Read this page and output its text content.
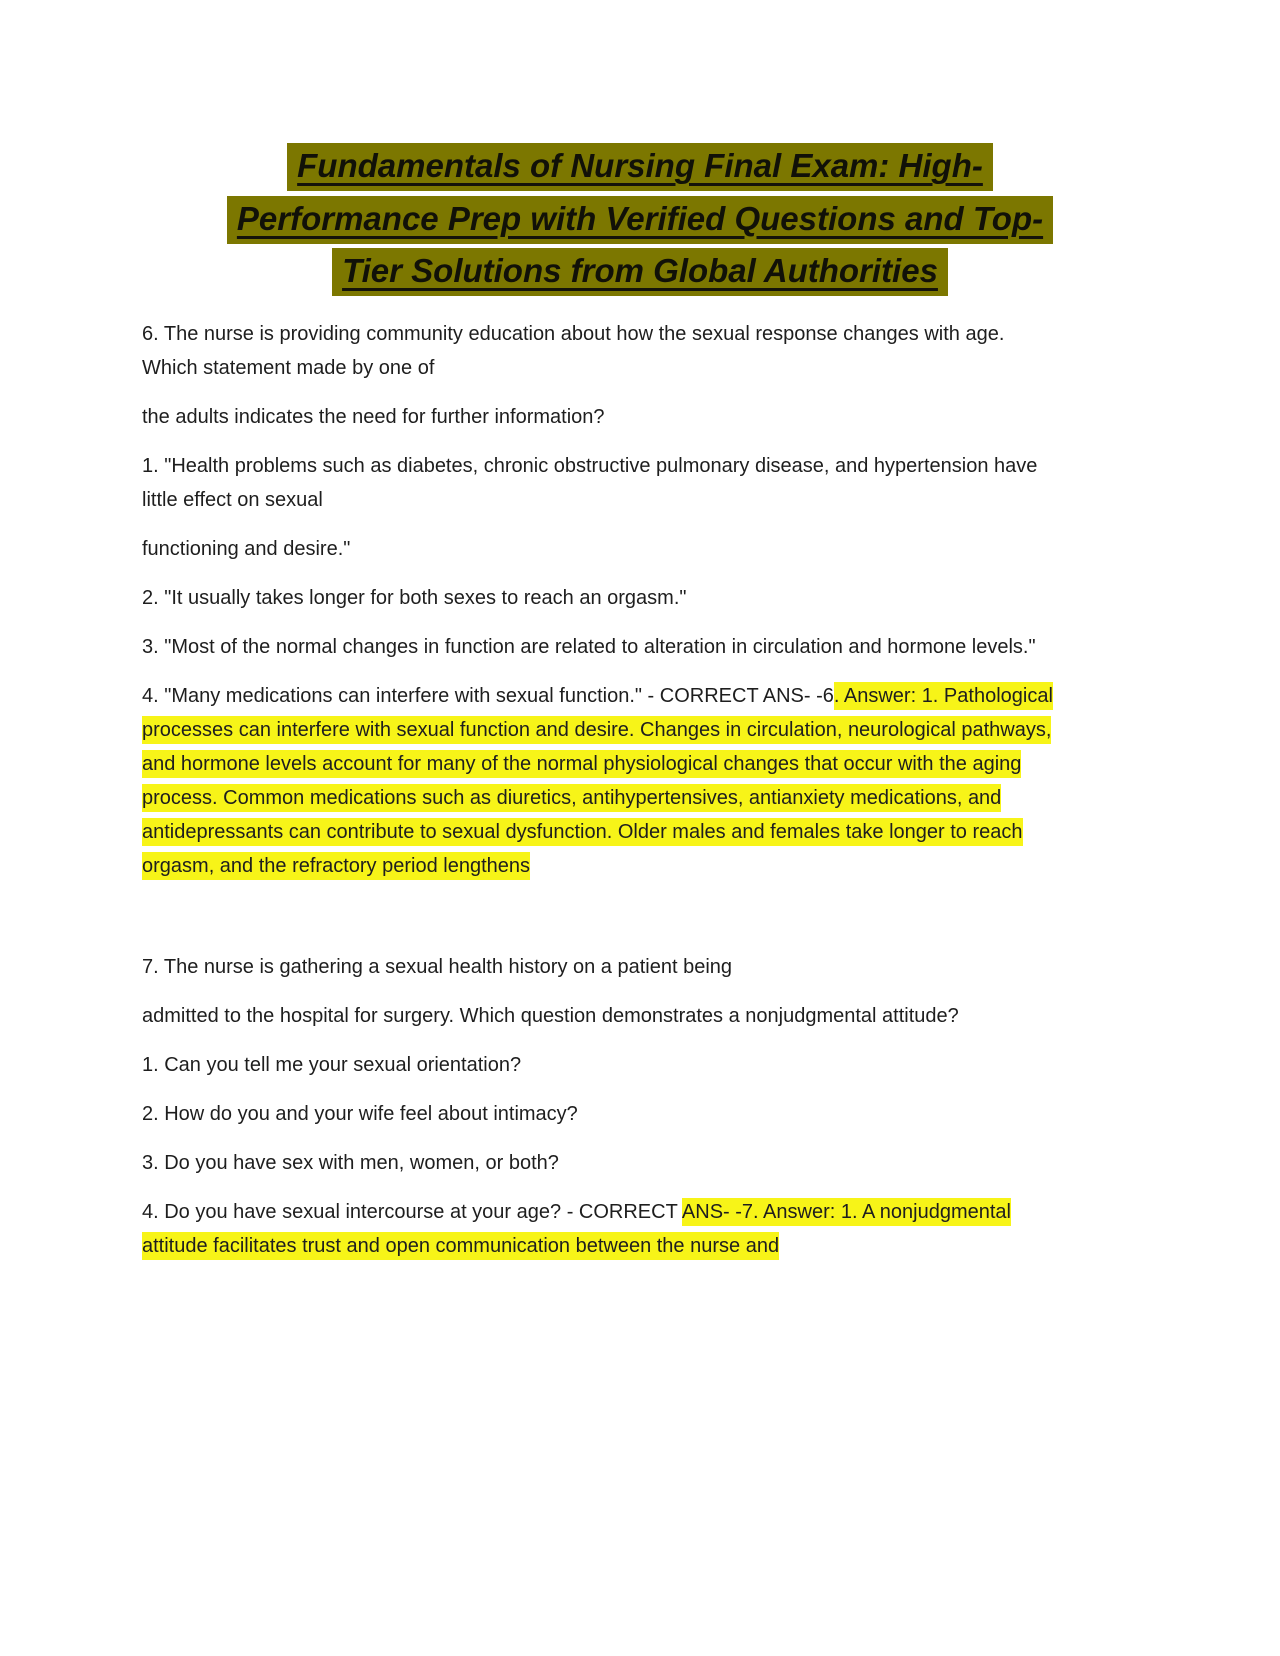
Fundamentals of Nursing Final Exam: High-
Performance Prep with Verified Questions and Top-
Tier Solutions from Global Authorities

6. The nurse is providing community education about how the sexual response changes with age. Which statement made by one of

the adults indicates the need for further information?

1. "Health problems such as diabetes, chronic obstructive pulmonary disease, and hypertension have little effect on sexual

functioning and desire."

2. "It usually takes longer for both sexes to reach an orgasm."

3. "Most of the normal changes in function are related to alteration in circulation and hormone levels."

4. "Many medications can interfere with sexual function." - CORRECT ANS- -6. Answer: 1. Pathological processes can interfere with sexual function and desire. Changes in circulation, neurological pathways, and hormone levels account for many of the normal physiological changes that occur with the aging process. Common medications such as diuretics, antihypertensives, antianxiety medications, and antidepressants can contribute to sexual dysfunction. Older males and females take longer to reach orgasm, and the refractory period lengthens

7. The nurse is gathering a sexual health history on a patient being

admitted to the hospital for surgery. Which question demonstrates a nonjudgmental attitude?

1. Can you tell me your sexual orientation?

2. How do you and your wife feel about intimacy?

3. Do you have sex with men, women, or both?

4. Do you have sexual intercourse at your age? - CORRECT ANS- -7. Answer: 1. A nonjudgmental attitude facilitates trust and open communication between the nurse and
